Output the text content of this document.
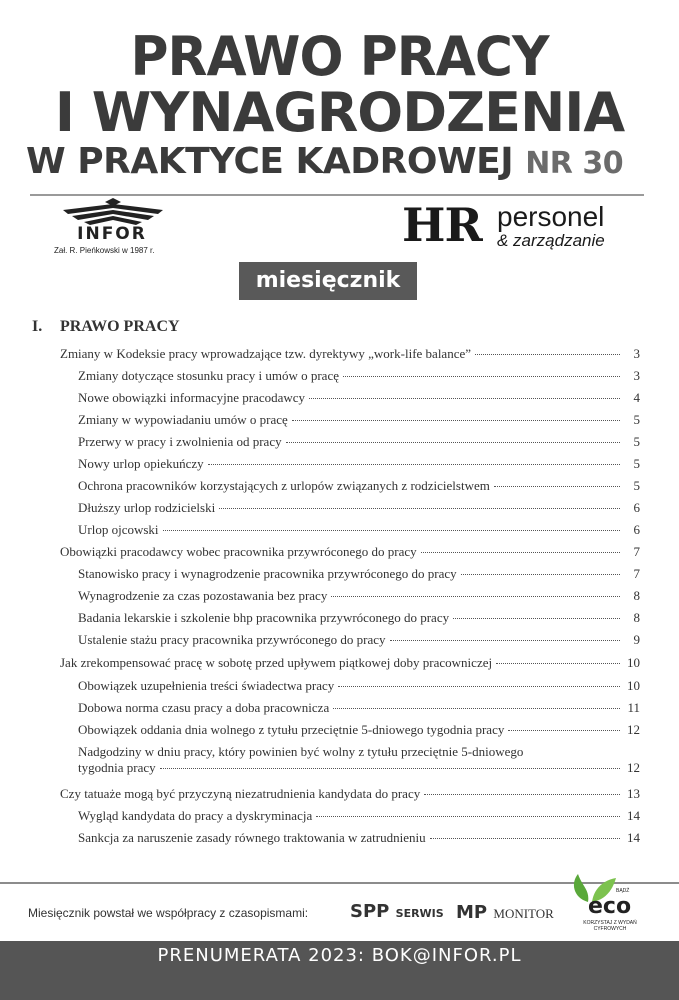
PRAWO PRACY
I WYNAGRODZENIA
W PRAKTYCE KADROWEJ NR 30
INFOR
Zał. R. Pieńkowski w 1987 r.	HR personel
& zarządzanie
miesięcznik
I. PRAWO PRACY
Zmiany w Kodeksie pracy wprowadzające tzw. dyrektywy „work-life balance”	3
Zmiany dotyczące stosunku pracy i umów o pracę	3
Nowe obowiązki informacyjne pracodawcy	4
Zmiany w wypowiadaniu umów o pracę	5
Przerwy w pracy i zwolnienia od pracy	5
Nowy urlop opiekuńczy	5
Ochrona pracowników korzystających z urlopów związanych z rodzicielstwem	5
Dłuższy urlop rodzicielski	6
Urlop ojcowski	6
Obowiązki pracodawcy wobec pracownika przywróconego do pracy	7
Stanowisko pracy i wynagrodzenie pracownika przywróconego do pracy	7
Wynagrodzenie za czas pozostawania bez pracy	8
Badania lekarskie i szkolenie bhp pracownika przywróconego do pracy	8
Ustalenie stażu pracy pracownika przywróconego do pracy	9
Jak zrekompensować pracę w sobotę przed upływem piątkowej doby pracowniczej	10
Obowiązek uzupełnienia treści świadectwa pracy	10
Dobowa norma czasu pracy a doba pracownicza	11
Obowiązek oddania dnia wolnego z tytułu przeciętnie 5-dniowego tygodnia pracy	12
Nadgodziny w dniu pracy, który powinien być wolny z tytułu przeciętnie 5-dniowego
tygodnia pracy	12
Czy tatuaże mogą być przyczyną niezatrudnienia kandydata do pracy	13
Wygląd kandydata do pracy a dyskryminacja	14
Sankcja za naruszenie zasady równego traktowania w zatrudnieniu	14
Miesięcznik powstał we współpracy z czasopismami: SPP SERWIS MP MONITOR
BĄDŹ
eco
KORZYSTAJ Z WYDAŃ CYFROWYCH
PRENUMERATA 2023: BOK@INFOR.PL
